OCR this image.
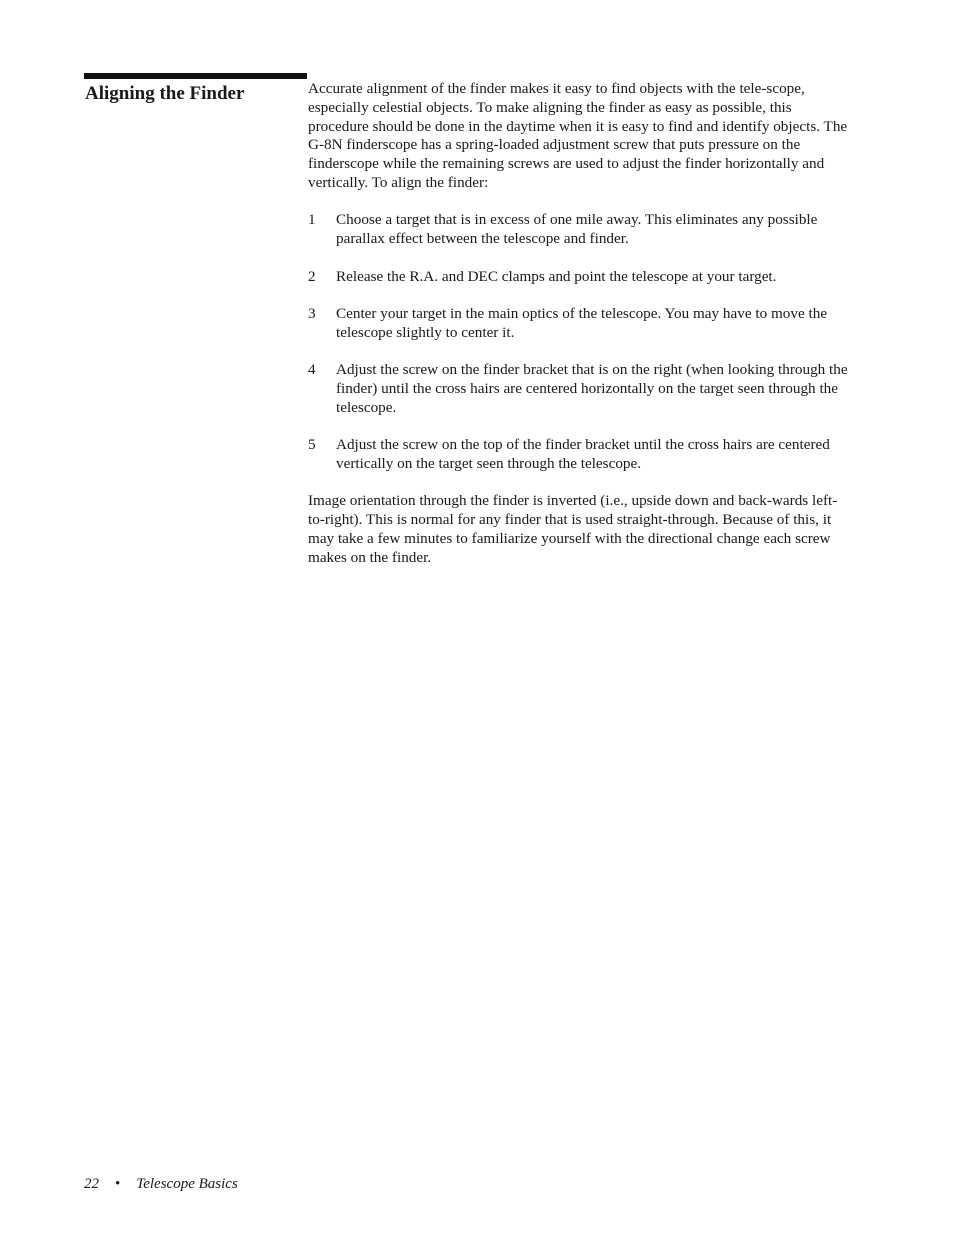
Aligning the Finder	Accurate alignment of the finder makes it easy to find objects with the tele-scope, especially celestial objects. To make aligning the finder as easy as possible, this procedure should be done in the daytime when it is easy to find and identify objects. The G-8N finderscope has a spring-loaded adjustment screw that puts pressure on the finderscope while the remaining screws are used to adjust the finder horizontally and vertically. To align the finder:

1	Choose a target that is in excess of one mile away. This eliminates any possible parallax effect between the telescope and finder.
2	Release the R.A. and DEC clamps and point the telescope at your target.
3	Center your target in the main optics of the telescope. You may have to move the telescope slightly to center it.
4	Adjust the screw on the finder bracket that is on the right (when looking through the finder) until the cross hairs are centered horizontally on the target seen through the telescope.
5	Adjust the screw on the top of the finder bracket until the cross hairs are centered vertically on the target seen through the telescope.

Image orientation through the finder is inverted (i.e., upside down and back-wards left-to-right). This is normal for any finder that is used straight-through. Because of this, it may take a few minutes to familiarize yourself with the directional change each screw makes on the finder.

22 • Telescope Basics
